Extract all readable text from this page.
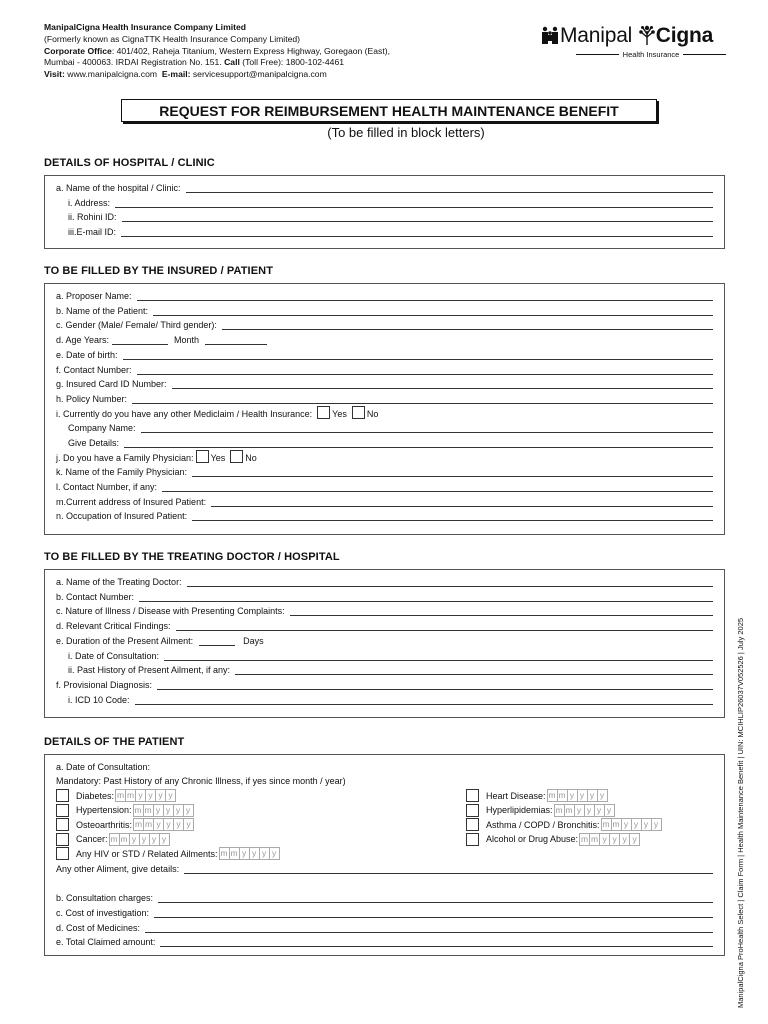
ManipalCigna Health Insurance Company Limited
(Formerly known as CignaTTK Health Insurance Company Limited)
Corporate Office: 401/402, Raheja Titanium, Western Express Highway, Goregaon (East),
Mumbai - 400063. IRDAI Registration No. 151. Call (Toll Free): 1800-102-4461
Visit: www.manipalcigna.com E-mail: servicesupport@manipalcigna.com
Manipal Cigna
Health Insurance
REQUEST FOR REIMBURSEMENT HEALTH MAINTENANCE BENEFIT
(To be filled in block letters)
DETAILS OF HOSPITAL / CLINIC
a. Name of the hospital / Clinic:
i. Address:
ii. Rohini ID:
iii.E-mail ID:
TO BE FILLED BY THE INSURED / PATIENT
a. Proposer Name:
b. Name of the Patient:
c. Gender (Male/ Female/ Third gender):
d. Age Years:	Month
e. Date of birth:
f. Contact Number:
g. Insured Card ID Number:
h. Policy Number:
i. Currently do you have any other Mediclaim / Health Insurance: Yes No
Company Name:
Give Details:
j. Do you have a Family Physician: Yes No
k. Name of the Family Physician:
l. Contact Number, if any:
m.Current address of Insured Patient:
n. Occupation of Insured Patient:
TO BE FILLED BY THE TREATING DOCTOR / HOSPITAL
a. Name of the Treating Doctor:
b. Contact Number:
c. Nature of Illness / Disease with Presenting Complaints:
d. Relevant Critical Findings:
e. Duration of the Present Ailment:	Days
i. Date of Consultation:
ii. Past History of Present Ailment, if any:
f. Provisional Diagnosis:
i. ICD 10 Code:
DETAILS OF THE PATIENT
a. Date of Consultation:
Mandatory: Past History of any Chronic Illness, if yes since month / year)
Diabetes: m m y y y y
Hypertension: m m y y y y
Osteoarthritis: m m y y y y
Cancer: m m y y y y
Any HIV or STD / Related Ailments: m m y y y y
Heart Disease: m m y y y y
Hyperlipidemias: m m y y y y
Asthma / COPD / Bronchitis: m m y y y y
Alcohol or Drug Abuse: m m y y y y
Any other Aliment, give details:
b. Consultation charges:
c. Cost of investigation:
d. Cost of Medicines:
e. Total Claimed amount:	ManipalCigna ProHealth Select | Claim Form | Health Maintenance Benefit | UIN: MCIHLIP26037V052526 | July 2025
